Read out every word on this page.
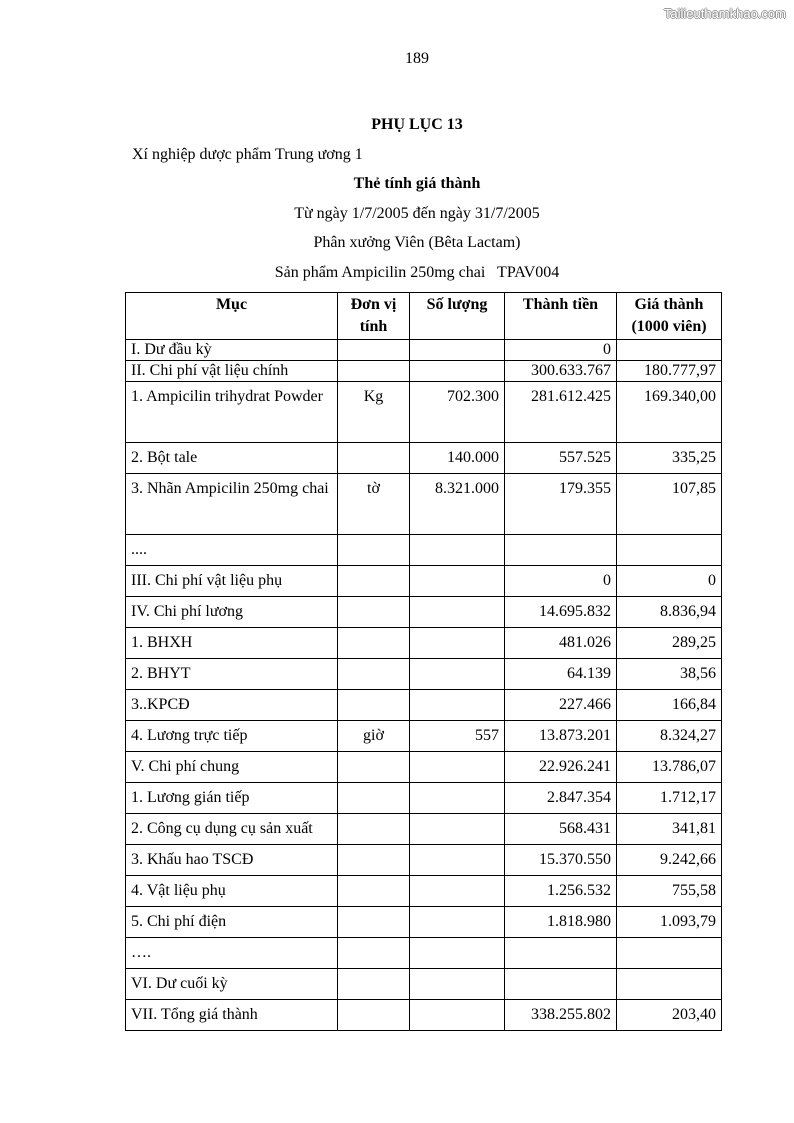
Tailieuthamkhao.com
189
PHỤ LỤC 13
Xí nghiệp dược phẩm Trung ương 1
Thẻ tính giá thành
Từ ngày 1/7/2005 đến ngày 31/7/2005
Phân xưởng Viên (Bêta Lactam)
Sản phẩm Ampicilin 250mg chai   TPAV004
Mục	Đơn vị tính	Số lượng	Thành tiền	Giá thành (1000 viên)
I. Dư đầu kỳ			0	
II. Chi phí vật liệu chính			300.633.767	180.777,97
1. Ampicilin trihydrat Powder	Kg	702.300	281.612.425	169.340,00
2. Bột tale		140.000	557.525	335,25
3. Nhãn Ampicilin 250mg chai	tờ	8.321.000	179.355	107,85
....				
III. Chi phí vật liệu phụ			0	0
IV. Chi phí lương			14.695.832	8.836,94
1. BHXH			481.026	289,25
2. BHYT			64.139	38,56
3..KPCĐ			227.466	166,84
4. Lương trực tiếp	giờ	557	13.873.201	8.324,27
V. Chi phí chung			22.926.241	13.786,07
1. Lương gián tiếp			2.847.354	1.712,17
2. Công cụ dụng cụ sản xuất			568.431	341,81
3. Khấu hao TSCĐ			15.370.550	9.242,66
4. Vật liệu phụ			1.256.532	755,58
5. Chi phí điện			1.818.980	1.093,79
….				
VI. Dư cuối kỳ				
VII. Tổng giá thành			338.255.802	203,40
